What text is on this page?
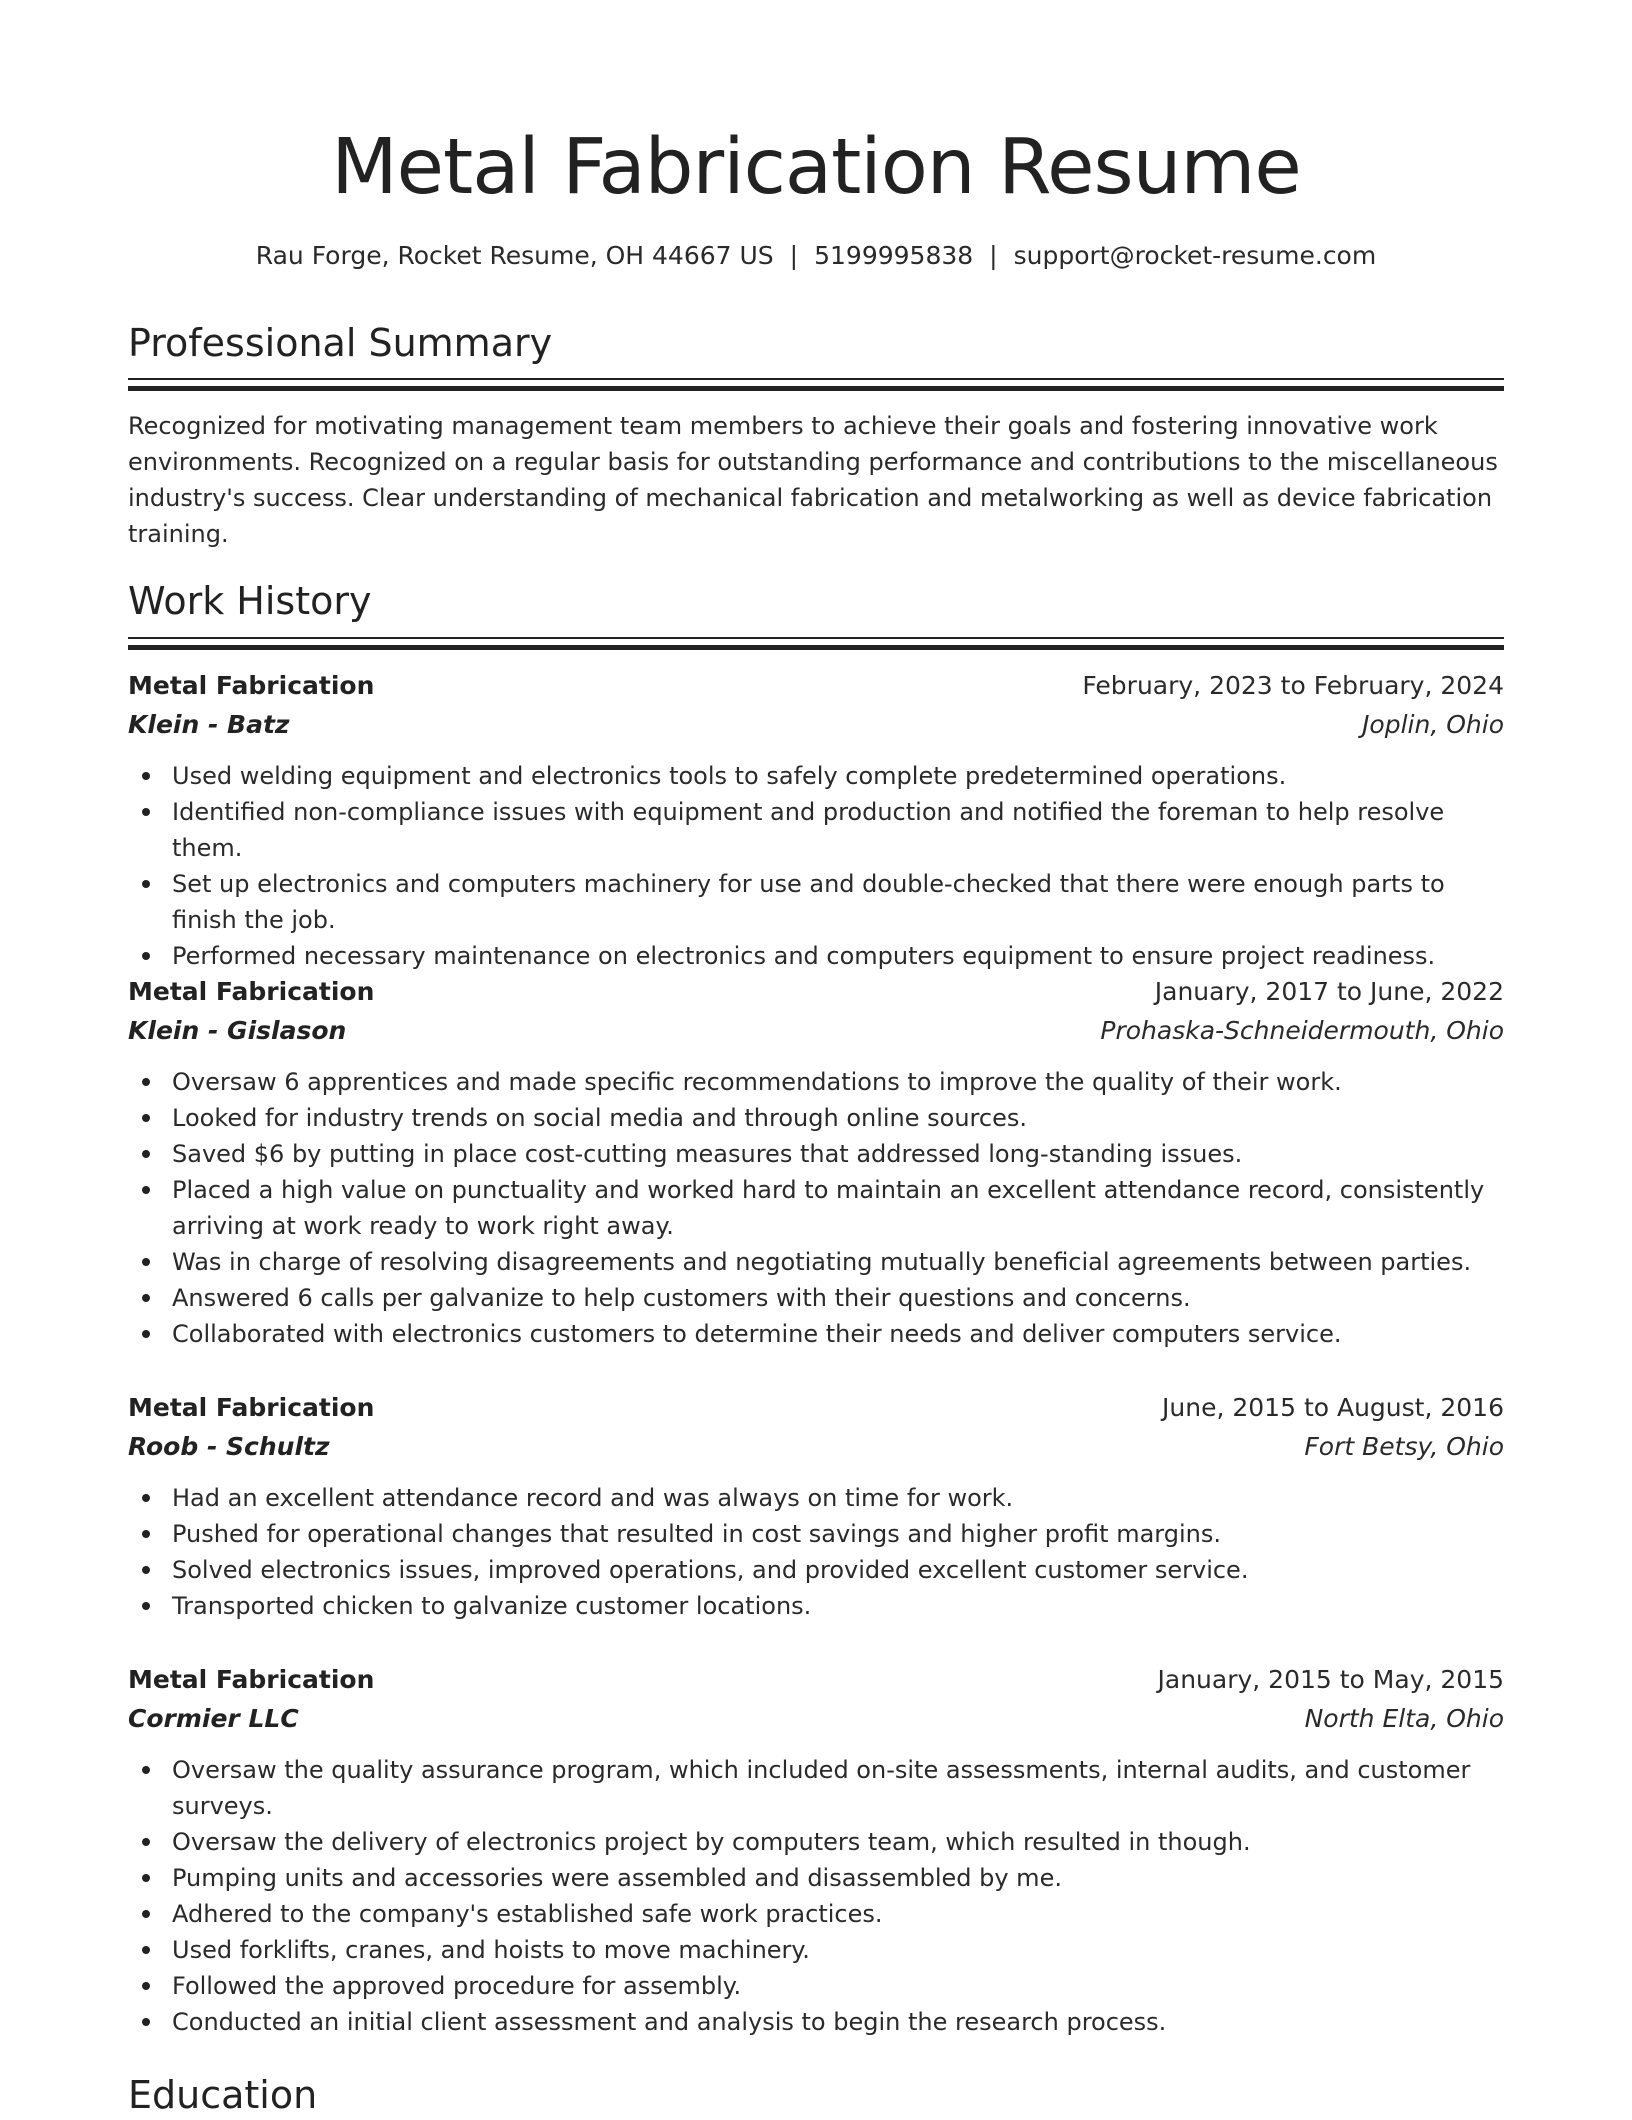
Metal Fabrication Resume
Rau Forge, Rocket Resume, OH 44667 US | 5199995838 | support@rocket-resume.com
Professional Summary

Recognized for motivating management team members to achieve their goals and fostering innovative work environments. Recognized on a regular basis for outstanding performance and contributions to the miscellaneous industry's success. Clear understanding of mechanical fabrication and metalworking as well as device fabrication training.

Work History
Metal Fabrication	February, 2023 to February, 2024
Klein - Batz	Joplin, Ohio
Used welding equipment and electronics tools to safely complete predetermined operations.
Identified non-compliance issues with equipment and production and notified the foreman to help resolve them.
Set up electronics and computers machinery for use and double-checked that there were enough parts to finish the job.
Performed necessary maintenance on electronics and computers equipment to ensure project readiness.
Metal Fabrication	January, 2017 to June, 2022
Klein - Gislason	Prohaska-Schneidermouth, Ohio
Oversaw 6 apprentices and made specific recommendations to improve the quality of their work.
Looked for industry trends on social media and through online sources.
Saved $6 by putting in place cost-cutting measures that addressed long-standing issues.
Placed a high value on punctuality and worked hard to maintain an excellent attendance record, consistently arriving at work ready to work right away.
Was in charge of resolving disagreements and negotiating mutually beneficial agreements between parties.
Answered 6 calls per galvanize to help customers with their questions and concerns.
Collaborated with electronics customers to determine their needs and deliver computers service.
Metal Fabrication	June, 2015 to August, 2016
Roob - Schultz	Fort Betsy, Ohio
Had an excellent attendance record and was always on time for work.
Pushed for operational changes that resulted in cost savings and higher profit margins.
Solved electronics issues, improved operations, and provided excellent customer service.
Transported chicken to galvanize customer locations.
Metal Fabrication	January, 2015 to May, 2015
Cormier LLC	North Elta, Ohio
Oversaw the quality assurance program, which included on-site assessments, internal audits, and customer surveys.
Oversaw the delivery of electronics project by computers team, which resulted in though.
Pumping units and accessories were assembled and disassembled by me.
Adhered to the company's established safe work practices.
Used forklifts, cranes, and hoists to move machinery.
Followed the approved procedure for assembly.
Conducted an initial client assessment and analysis to begin the research process.
Education
